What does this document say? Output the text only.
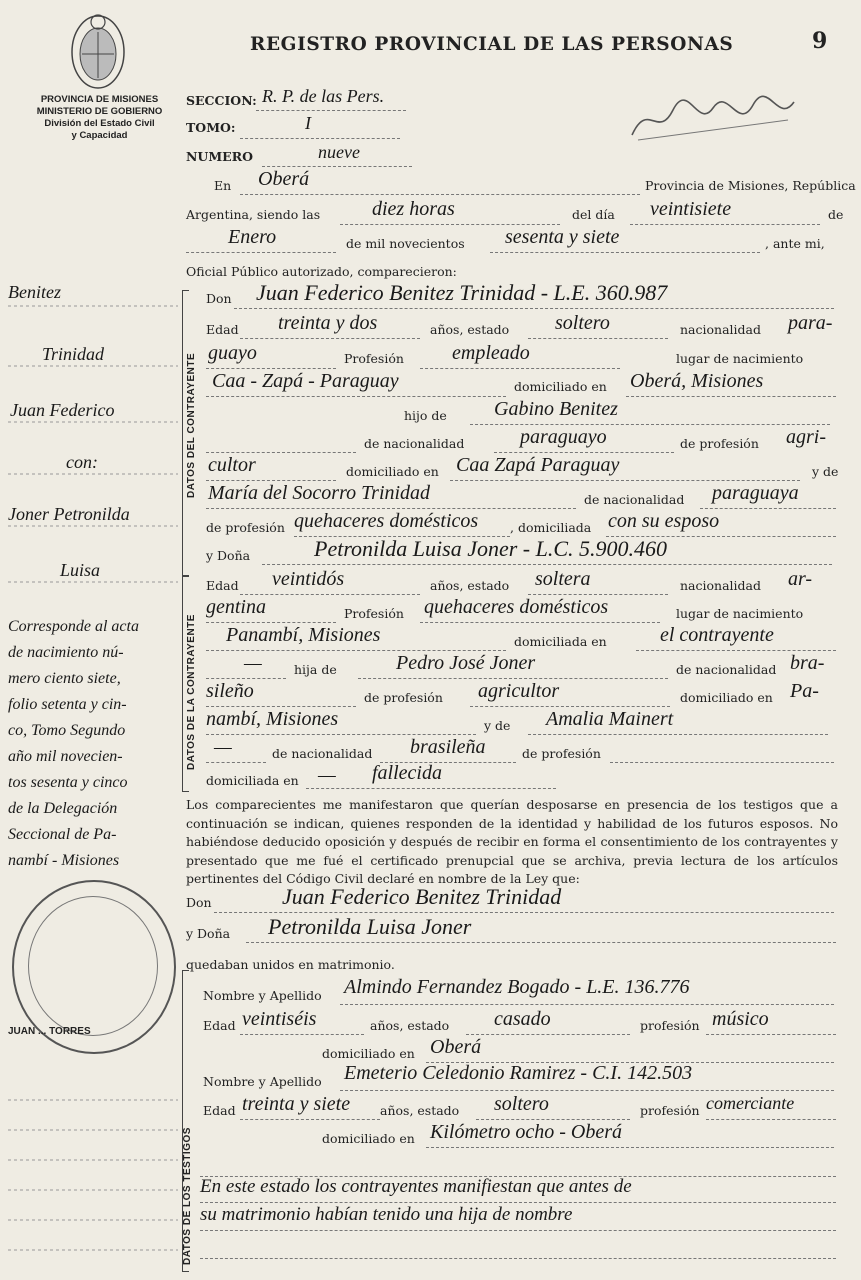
REGISTRO PROVINCIAL DE LAS PERSONAS	9
PROVINCIA DE MISIONES
MINISTERIO DE GOBIERNO
División del Estado Civil
y Capacidad
SECCION: R. P. de las Pers.
TOMO:	I
NUMERO	nueve
En Oberá	Provincia de Misiones, República
Argentina, siendo las	diez horas	del día veintisiete	de
Enero	de mil novecientos sesenta y siete	, ante mi,
Oficial Público autorizado, comparecieron:
Benitez
Trinidad
Juan Federico
con:
Joner Petronilda
Luisa
Corresponde al acta
de nacimiento nú-
mero ciento siete,
folio setenta y cin-
co, Tomo Segundo
año mil novecien-
tos sesenta y cinco
de la Delegación
Seccional de Pa-
nambí - Misiones
JUAN ... TORRES
DATOS DEL CONTRAYENTE
DATOS DE LA CONTRAYENTE
DATOS DE LOS TESTIGOS
Don Juan Federico Benitez Trinidad - L.E. 360.987
Edad treinta y dos	años, estado soltero	nacionalidad para-
guayo	Profesión empleado	lugar de nacimiento
Caa - Zapá - Paraguay	domiciliado en Oberá, Misiones
hijo de Gabino Benitez
de nacionalidad	paraguayo	de profesión agri-
cultor	domiciliado en Caa Zapá Paraguay	y de
María del Socorro Trinidad	de nacionalidad paraguaya
de profesión quehaceres domésticos	, domiciliada con su esposo
y Doña	Petronilda Luisa Joner - L.C. 5.900.460
Edad veintidós	años, estado soltera	nacionalidad ar-
gentina	Profesión quehaceres domésticos	lugar de nacimiento
Panambí, Misiones	domiciliada en	el contrayente
—	hija de	Pedro José Joner	de nacionalidad bra-
sileño	de profesión agricultor	domiciliado en Pa-
nambí, Misiones	y de Amalia Mainert
—	de nacionalidad brasileña	de profesión
domiciliada en — fallecida
Los comparecientes me manifestaron que querían desposarse en presencia de los testigos que a continuación se indican, quienes responden de la identidad y habilidad de los futuros esposos. No habiéndose deducido oposición y después de recibir en forma el consentimiento de los contrayentes y presentado que me fué el certificado prenupcial que se archiva, previa lectura de los artículos pertinentes del Código Civil declaré en nombre de la Ley que:
Don	Juan Federico Benitez Trinidad
y Doña Petronilda Luisa Joner
quedaban unidos en matrimonio.
Nombre y Apellido Almindo Fernandez Bogado - L.E. 136.776
Edad veintiséis	años, estado casado	profesión músico
domiciliado en Oberá
Nombre y Apellido Emeterio Celedonio Ramirez - C.I. 142.503
Edad treinta y siete años, estado soltero	profesión comerciante
domiciliado en Kilómetro ocho - Oberá
En este estado los contrayentes manifiestan que antes de
su matrimonio habían tenido una hija de nombre
